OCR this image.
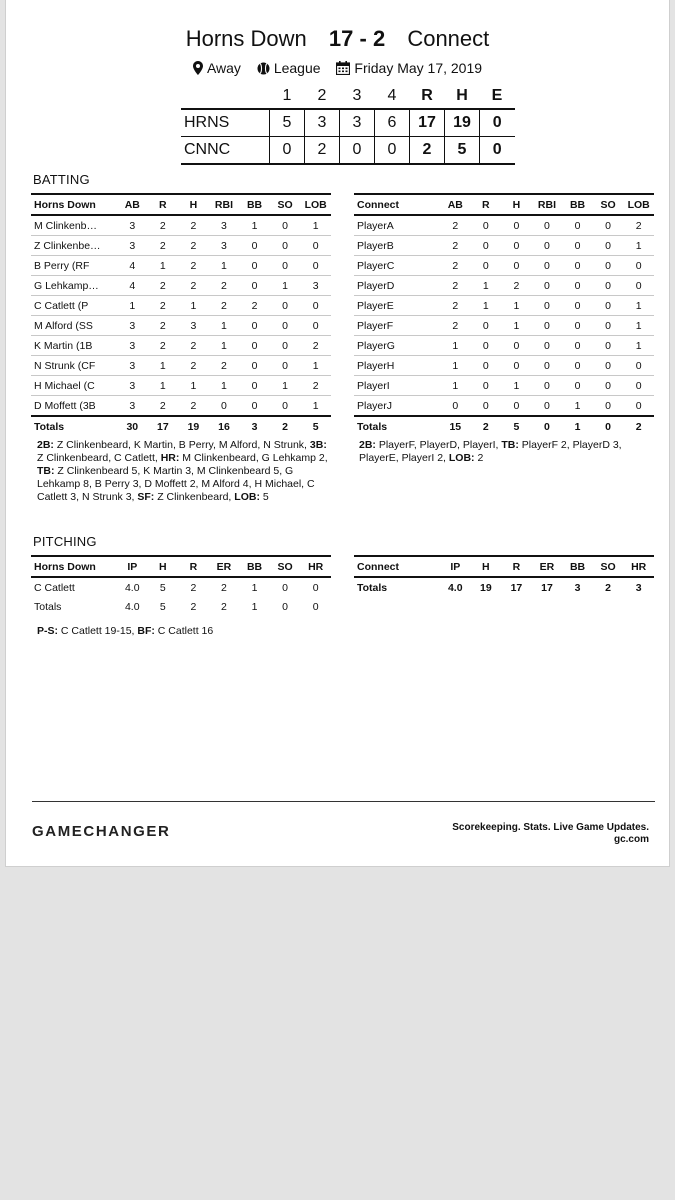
Horns Down 17 - 2 Connect
Away League Friday May 17, 2019
	1	2	3	4	R	H	E
HRNS	5	3	3	6	17	19	0
CNNC	0	2	0	0	2	5	0
BATTING
Horns Down	AB	R	H	RBI	BB	SO	LOB
M Clinkenb…	3	2	2	3	1	0	1
Z Clinkenbe…	3	2	2	3	0	0	0
B Perry (RF	4	1	2	1	0	0	0
G Lehkamp…	4	2	2	2	0	1	3
C Catlett (P	1	2	1	2	2	0	0
M Alford (SS	3	2	3	1	0	0	0
K Martin (1B	3	2	2	1	0	0	2
N Strunk (CF	3	1	2	2	0	0	1
H Michael (C	3	1	1	1	0	1	2
D Moffett (3B	3	2	2	0	0	0	1
Totals	30	17	19	16	3	2	5
Connect	AB	R	H	RBI	BB	SO	LOB
PlayerA	2	0	0	0	0	0	2
PlayerB	2	0	0	0	0	0	1
PlayerC	2	0	0	0	0	0	0
PlayerD	2	1	2	0	0	0	0
PlayerE	2	1	1	0	0	0	1
PlayerF	2	0	1	0	0	0	1
PlayerG	1	0	0	0	0	0	1
PlayerH	1	0	0	0	0	0	0
PlayerI	1	0	1	0	0	0	0
PlayerJ	0	0	0	0	1	0	0
Totals	15	2	5	0	1	0	2
2B: Z Clinkenbeard, K Martin, B Perry, M Alford, N Strunk, 3B: Z Clinkenbeard, C Catlett, HR: M Clinkenbeard, G Lehkamp 2, TB: Z Clinkenbeard 5, K Martin 3, M Clinkenbeard 5, G Lehkamp 8, B Perry 3, D Moffett 2, M Alford 4, H Michael, C Catlett 3, N Strunk 3, SF: Z Clinkenbeard, LOB: 5
2B: PlayerF, PlayerD, PlayerI, TB: PlayerF 2, PlayerD 3, PlayerE, PlayerI 2, LOB: 2
PITCHING
Horns Down	IP	H	R	ER	BB	SO	HR
C Catlett	4.0	5	2	2	1	0	0
Totals	4.0	5	2	2	1	0	0
Connect	IP	H	R	ER	BB	SO	HR
Totals	4.0	19	17	17	3	2	3
P-S: C Catlett 19-15, BF: C Catlett 16
GAMECHANGER	Scorekeeping. Stats. Live Game Updates.
gc.com
